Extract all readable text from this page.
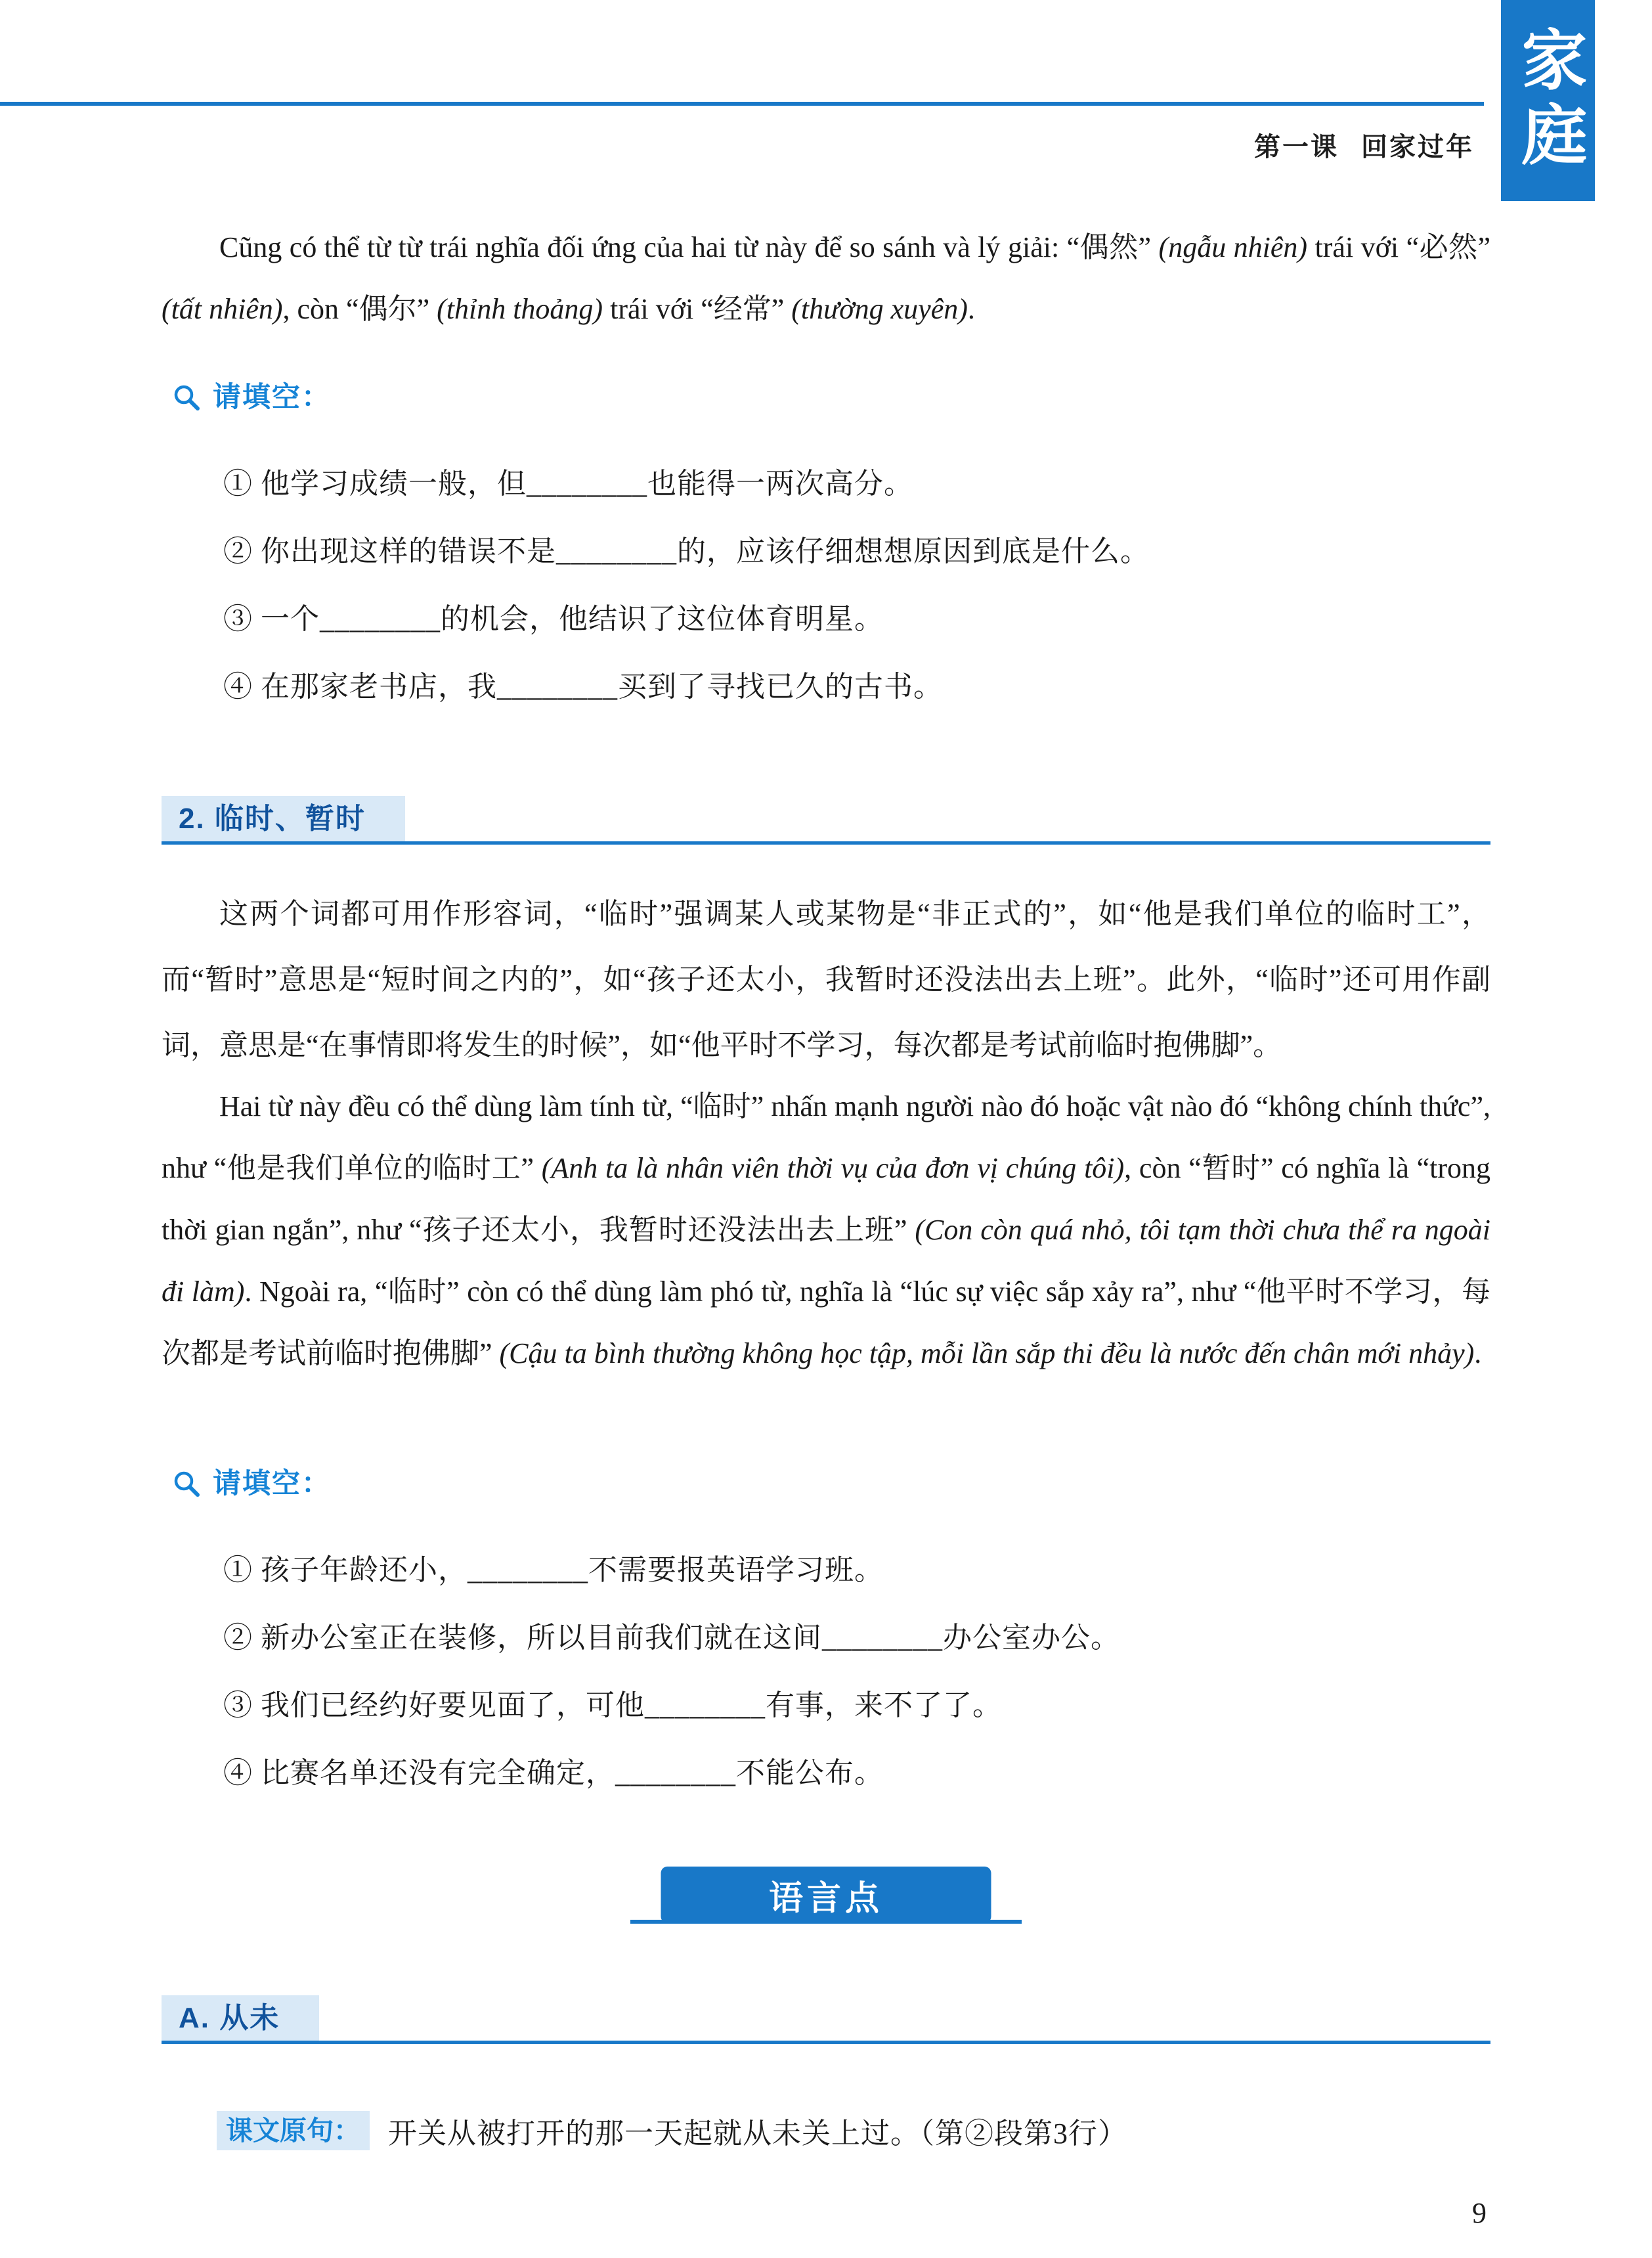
第一课 回家过年 家庭

Cũng có thể từ từ trái nghĩa đối ứng của hai từ này để so sánh và lý giải: “偶然” (ngẫu nhiên) trái với “必然” (tất nhiên), còn “偶尔” (thỉnh thoảng) trái với “经常” (thường xuyên).

请填空：
① 他学习成绩一般，但________也能得一两次高分。
② 你出现这样的错误不是________的，应该仔细想想原因到底是什么。
③ 一个________的机会，他结识了这位体育明星。
④ 在那家老书店，我________买到了寻找已久的古书。
2. 临时、暂时

这两个词都可用作形容词，“临时”强调某人或某物是“非正式的”，如“他是我们单位的临时工”，而“暂时”意思是“短时间之内的”，如“孩子还太小，我暂时还没法出去上班”。此外，“临时”还可用作副词，意思是“在事情即将发生的时候”，如“他平时不学习，每次都是考试前临时抱佛脚”。

Hai từ này đều có thể dùng làm tính từ, “临时” nhấn mạnh người nào đó hoặc vật nào đó “không chính thức”, như “他是我们单位的临时工” (Anh ta là nhân viên thời vụ của đơn vị chúng tôi), còn “暂时” có nghĩa là “trong thời gian ngắn”, như “孩子还太小，我暂时还没法出去上班” (Con còn quá nhỏ, tôi tạm thời chưa thể ra ngoài đi làm). Ngoài ra, “临时” còn có thể dùng làm phó từ, nghĩa là “lúc sự việc sắp xảy ra”, như “他平时不学习，每次都是考试前临时抱佛脚” (Cậu ta bình thường không học tập, mỗi lần sắp thi đều là nước đến chân mới nhảy).

请填空：
① 孩子年龄还小，________不需要报英语学习班。
② 新办公室正在装修，所以目前我们就在这间________办公室办公。
③ 我们已经约好要见面了，可他________有事，来不了了。
④ 比赛名单还没有完全确定，________不能公布。
语言点
A. 从未
课文原句： 开关从被打开的那一天起就从未关上过。（第②段第3行）
9
